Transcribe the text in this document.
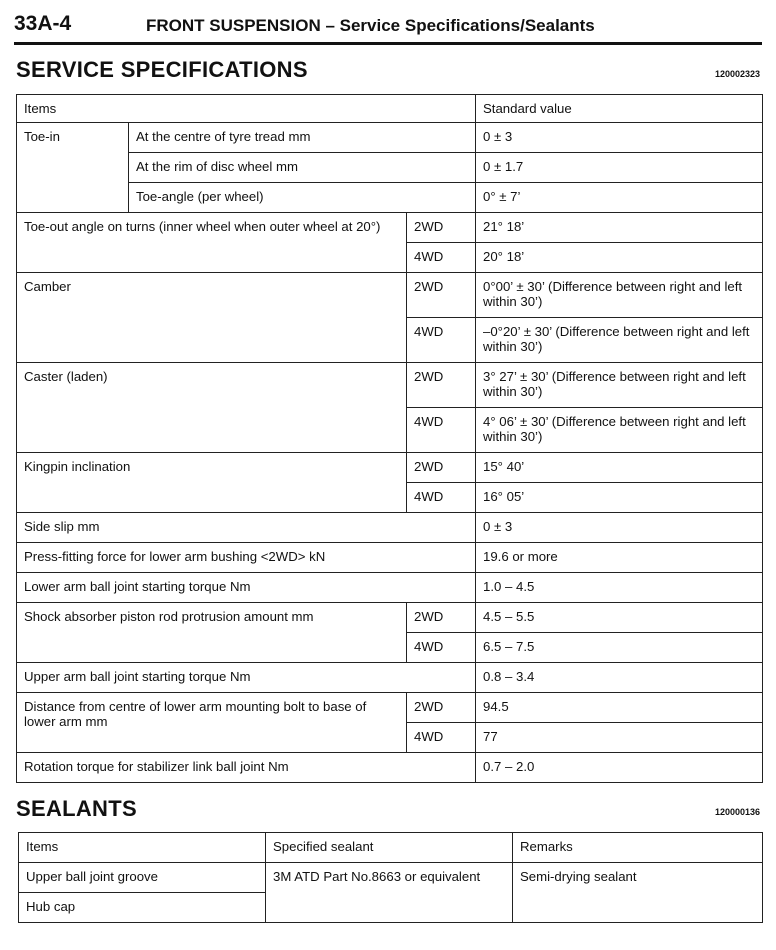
33A-4	FRONT SUSPENSION – Service Specifications/Sealants
SERVICE SPECIFICATIONS	120002323
Items			Standard value
Toe-in	At the centre of tyre tread mm		0 ± 3
	At the rim of disc wheel mm		0 ± 1.7
	Toe-angle (per wheel)		0° ± 7’
Toe-out angle on turns (inner wheel when outer wheel at 20°)		2WD	21° 18’
		4WD	20° 18’
Camber		2WD	0°00’ ± 30’ (Difference between right and left within 30’)
		4WD	–0°20’ ± 30’ (Difference between right and left within 30’)
Caster (laden)		2WD	3° 27’ ± 30’ (Difference between right and left within 30’)
		4WD	4° 06’ ± 30’ (Difference between right and left within 30’)
Kingpin inclination		2WD	15° 40’
		4WD	16° 05’
Side slip mm			0 ± 3
Press-fitting force for lower arm bushing <2WD> kN			19.6 or more
Lower arm ball joint starting torque Nm			1.0 – 4.5
Shock absorber piston rod protrusion amount mm		2WD	4.5 – 5.5
		4WD	6.5 – 7.5
Upper arm ball joint starting torque Nm			0.8 – 3.4
Distance from centre of lower arm mounting bolt to base of lower arm mm		2WD	94.5
		4WD	77
Rotation torque for stabilizer link ball joint Nm			0.7 – 2.0
SEALANTS	120000136
Items	Specified sealant	Remarks
Upper ball joint groove	3M ATD Part No.8663 or equivalent	Semi-drying sealant
Hub cap		
